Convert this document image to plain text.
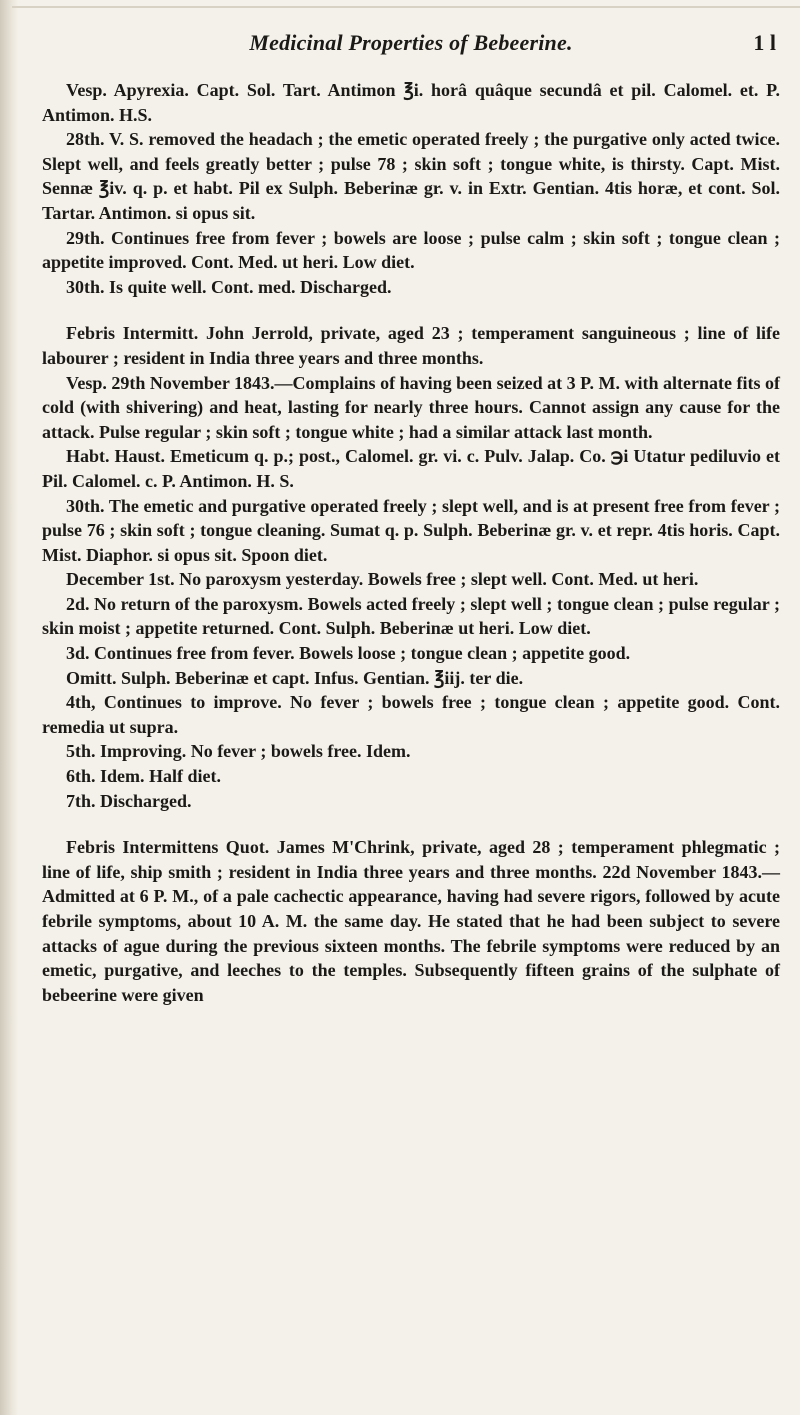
Medicinal Properties of Bebeerine.	1 l

Vesp. Apyrexia. Capt. Sol. Tart. Antimon ℥i. horâ quâque secundâ et pil. Calomel. et. P. Antimon. H.S.

28th. V. S. removed the headach ; the emetic operated freely ; the purgative only acted twice. Slept well, and feels greatly better ; pulse 78 ; skin soft ; tongue white, is thirsty. Capt. Mist. Sennæ ℥iv. q. p. et habt. Pil ex Sulph. Beberinæ gr. v. in Extr. Gentian. 4tis horæ, et cont. Sol. Tartar. Antimon. si opus sit.

29th. Continues free from fever ; bowels are loose ; pulse calm ; skin soft ; tongue clean ; appetite improved. Cont. Med. ut heri. Low diet.

30th. Is quite well. Cont. med. Discharged.

Febris Intermitt. John Jerrold, private, aged 23 ; temperament sanguineous ; line of life labourer ; resident in India three years and three months.

Vesp. 29th November 1843.—Complains of having been seized at 3 P. M. with alternate fits of cold (with shivering) and heat, lasting for nearly three hours. Cannot assign any cause for the attack. Pulse regular ; skin soft ; tongue white ; had a similar attack last month.

Habt. Haust. Emeticum q. p.; post., Calomel. gr. vi. c. Pulv. Jalap. Co. ℈i Utatur pediluvio et Pil. Calomel. c. P. Antimon. H. S.

30th. The emetic and purgative operated freely ; slept well, and is at present free from fever ; pulse 76 ; skin soft ; tongue cleaning. Sumat q. p. Sulph. Beberinæ gr. v. et repr. 4tis horis. Capt. Mist. Diaphor. si opus sit. Spoon diet.

December 1st. No paroxysm yesterday. Bowels free ; slept well. Cont. Med. ut heri.

2d. No return of the paroxysm. Bowels acted freely ; slept well ; tongue clean ; pulse regular ; skin moist ; appetite returned. Cont. Sulph. Beberinæ ut heri. Low diet.

3d. Continues free from fever. Bowels loose ; tongue clean ; appetite good.

Omitt. Sulph. Beberinæ et capt. Infus. Gentian. ℥iij. ter die.

4th, Continues to improve. No fever ; bowels free ; tongue clean ; appetite good. Cont. remedia ut supra.

5th. Improving. No fever ; bowels free. Idem.

6th. Idem. Half diet.

7th. Discharged.

Febris Intermittens Quot. James M'Chrink, private, aged 28 ; temperament phlegmatic ; line of life, ship smith ; resident in India three years and three months. 22d November 1843.—Admitted at 6 P. M., of a pale cachectic appearance, having had severe rigors, followed by acute febrile symptoms, about 10 A. M. the same day. He stated that he had been subject to severe attacks of ague during the previous sixteen months. The febrile symptoms were reduced by an emetic, purgative, and leeches to the temples. Subsequently fifteen grains of the sulphate of bebeerine were given
